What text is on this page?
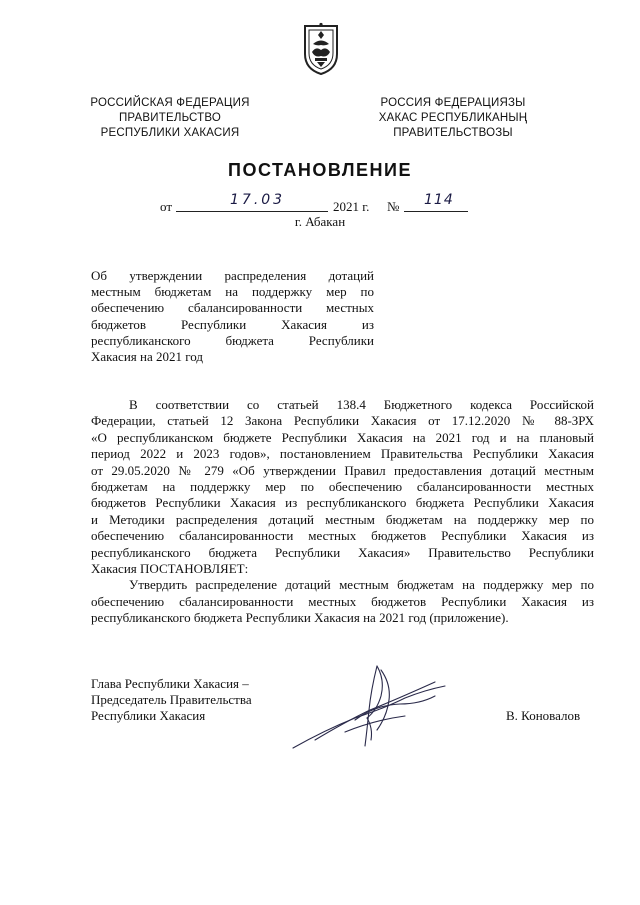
РОССИЙСКАЯ ФЕДЕРАЦИЯ
ПРАВИТЕЛЬСТВО
РЕСПУБЛИКИ ХАКАСИЯ
РОССИЯ ФЕДЕРАЦИЯЗЫ
ХАКАС РЕСПУБЛИКАНЫҢ
ПРАВИТЕЛЬСТВОЗЫ
ПОСТАНОВЛЕНИЕ
от	17.03	2021 г. № 114
г. Абакан
Об утверждении распределения дотаций
местным бюджетам на поддержку мер по
обеспечению сбалансированности местных
бюджетов Республики Хакасия из
республиканского бюджета Республики
Хакасия на 2021 год
В соответствии со статьей 138.4 Бюджетного кодекса Российской
Федерации, статьей 12 Закона Республики Хакасия от 17.12.2020 № 88-ЗРХ
«О республиканском бюджете Республики Хакасия на 2021 год и на плановый
период 2022 и 2023 годов», постановлением Правительства Республики Хакасия
от 29.05.2020 № 279 «Об утверждении Правил предоставления дотаций местным
бюджетам на поддержку мер по обеспечению сбалансированности местных
бюджетов Республики Хакасия из республиканского бюджета Республики Хакасия
и Методики распределения дотаций местным бюджетам на поддержку мер по
обеспечению сбалансированности местных бюджетов Республики Хакасия из
республиканского бюджета Республики Хакасия» Правительство Республики
Хакасия ПОСТАНОВЛЯЕТ:
Утвердить распределение дотаций местным бюджетам на поддержку мер по
обеспечению сбалансированности местных бюджетов Республики Хакасия из
республиканского бюджета Республики Хакасия на 2021 год (приложение).
Глава Республики Хакасия –
Председатель Правительства
Республики Хакасия	В. Коновалов
